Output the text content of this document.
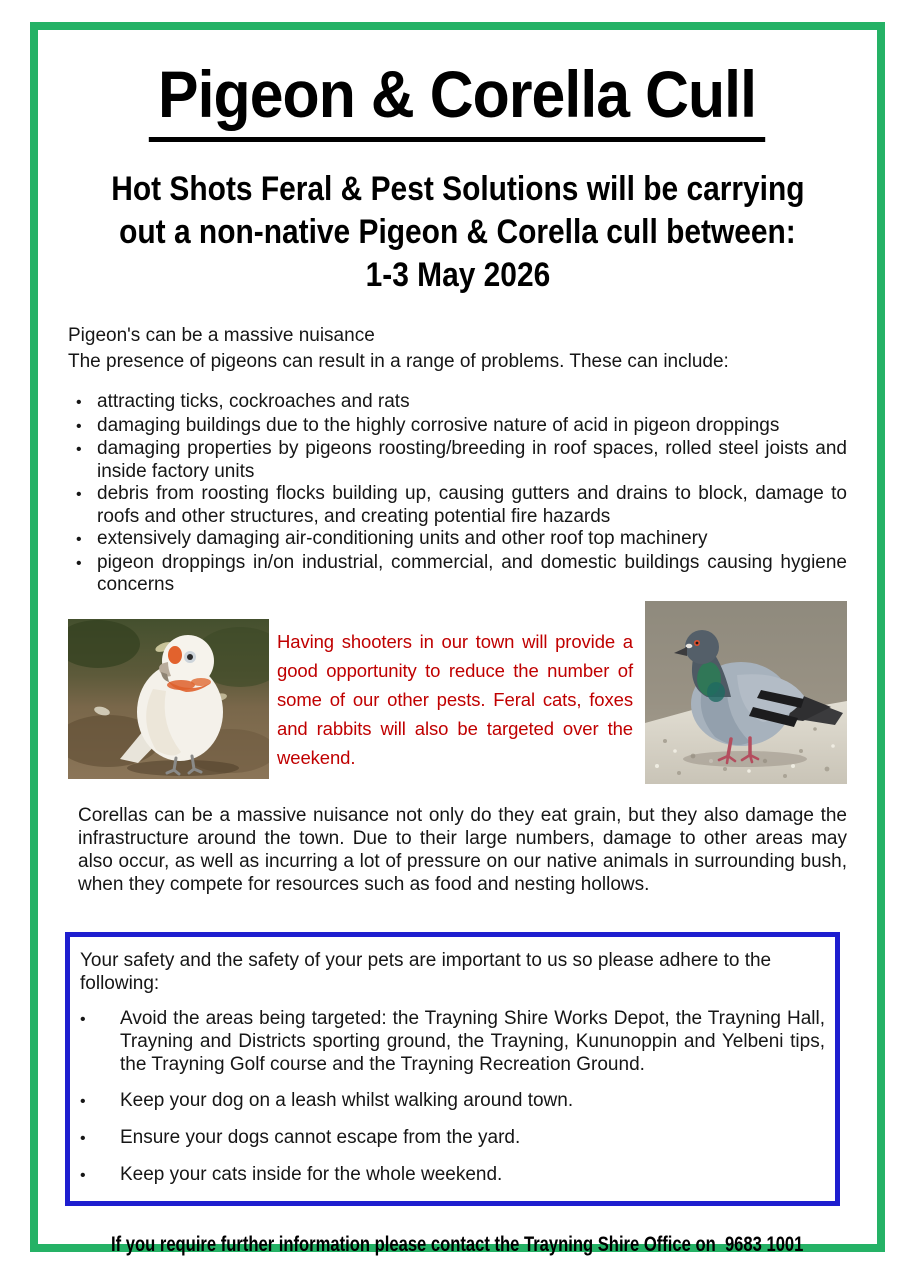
Pigeon & Corella Cull
Hot Shots Feral & Pest Solutions will be carrying
out a non-native Pigeon & Corella cull between:
1-3 May 2026

Pigeon's can be a massive nuisance

The presence of pigeons can result in a range of problems. These can include:

•
attracting ticks, cockroaches and rats
•
damaging buildings due to the highly corrosive nature of acid in pigeon droppings
•
damaging properties by pigeons roosting/breeding in roof spaces, rolled steel joists and inside factory units
•
debris from roosting flocks building up, causing gutters and drains to block, damage to roofs and other structures, and creating potential fire hazards
•
extensively damaging air-conditioning units and other roof top machinery
•
pigeon droppings in/on industrial, commercial, and domestic buildings causing hygiene concerns
Having shooters in our town will provide a good opportunity to reduce the number of some of our other pests. Feral cats, foxes and rabbits will also be targeted over the weekend.

Corellas can be a massive nuisance not only do they eat grain, but they also damage the infrastructure around the town. Due to their large numbers, damage to other areas may also occur, as well as incurring a lot of pressure on our native animals in surrounding bush, when they compete for resources such as food and nesting hollows.

Your safety and the safety of your pets are important to us so please adhere to the following:

•
Avoid the areas being targeted: the Trayning Shire Works Depot, the Trayning Hall, Trayning and Districts sporting ground, the Trayning, Kununoppin and Yelbeni tips, the Trayning Golf course and the Trayning Recreation Ground.
•
Keep your dog on a leash whilst walking around town.
•
Ensure your dogs cannot escape from the yard.
•
Keep your cats inside for the whole weekend.

If you require further information please contact the Trayning Shire Office on  9683 1001
